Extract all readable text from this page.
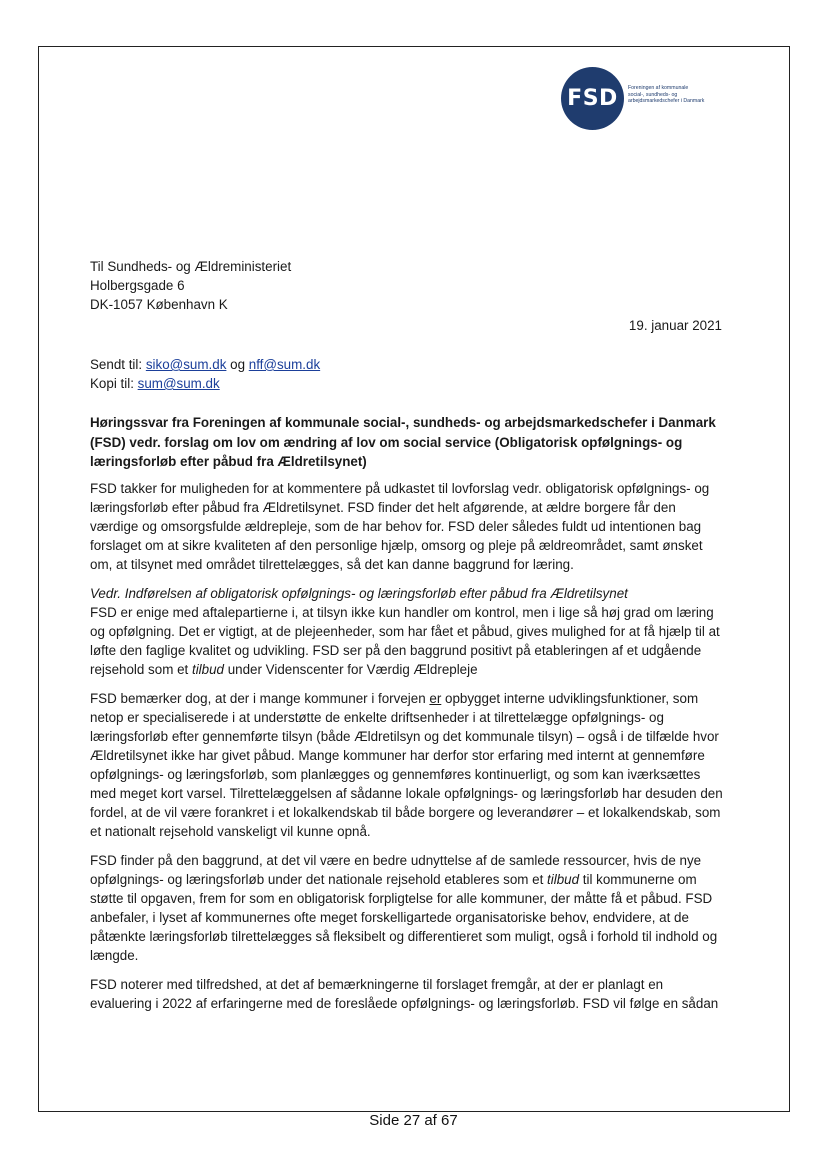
FSD	Foreningen af kommunale
social-, sundheds- og
arbejdsmarkedschefer i Danmark
Til Sundheds- og Ældreministeriet
Holbergsgade 6
DK-1057 København K
19. januar 2021
Sendt til: siko@sum.dk og nff@sum.dk
Kopi til: sum@sum.dk
Høringssvar fra Foreningen af kommunale social-, sundheds- og arbejdsmarkedschefer i Danmark (FSD) vedr. forslag om lov om ændring af lov om social service (Obligatorisk opfølgnings- og læringsforløb efter påbud fra Ældretilsynet)

FSD takker for muligheden for at kommentere på udkastet til lovforslag vedr. obligatorisk opfølgnings- og læringsforløb efter påbud fra Ældretilsynet. FSD finder det helt afgørende, at ældre borgere får den værdige og omsorgsfulde ældrepleje, som de har behov for. FSD deler således fuldt ud intentionen bag forslaget om at sikre kvaliteten af den personlige hjælp, omsorg og pleje på ældreområdet, samt ønsket om, at tilsynet med området tilrettelægges, så det kan danne baggrund for læring.

Vedr. Indførelsen af obligatorisk opfølgnings- og læringsforløb efter påbud fra Ældretilsynet

FSD er enige med aftalepartierne i, at tilsyn ikke kun handler om kontrol, men i lige så høj grad om læring og opfølgning. Det er vigtigt, at de plejeenheder, som har fået et påbud, gives mulighed for at få hjælp til at løfte den faglige kvalitet og udvikling. FSD ser på den baggrund positivt på etableringen af et udgående rejsehold som et tilbud under Videnscenter for Værdig Ældrepleje

FSD bemærker dog, at der i mange kommuner i forvejen er opbygget interne udviklingsfunktioner, som netop er specialiserede i at understøtte de enkelte driftsenheder i at tilrettelægge opfølgnings- og læringsforløb efter gennemførte tilsyn (både Ældretilsyn og det kommunale tilsyn) – også i de tilfælde hvor Ældretilsynet ikke har givet påbud. Mange kommuner har derfor stor erfaring med internt at gennemføre opfølgnings- og læringsforløb, som planlægges og gennemføres kontinuerligt, og som kan iværksættes med meget kort varsel. Tilrettelæggelsen af sådanne lokale opfølgnings- og læringsforløb har desuden den fordel, at de vil være forankret i et lokalkendskab til både borgere og leverandører – et lokalkendskab, som et nationalt rejsehold vanskeligt vil kunne opnå.

FSD finder på den baggrund, at det vil være en bedre udnyttelse af de samlede ressourcer, hvis de nye opfølgnings- og læringsforløb under det nationale rejsehold etableres som et tilbud til kommunerne om støtte til opgaven, frem for som en obligatorisk forpligtelse for alle kommuner, der måtte få et påbud. FSD anbefaler, i lyset af kommunernes ofte meget forskelligartede organisatoriske behov, endvidere, at de påtænkte læringsforløb tilrettelægges så fleksibelt og differentieret som muligt, også i forhold til indhold og længde.

FSD noterer med tilfredshed, at det af bemærkningerne til forslaget fremgår, at der er planlagt en evaluering i 2022 af erfaringerne med de foreslåede opfølgnings- og læringsforløb. FSD vil følge en sådan

Side 27 af 67
